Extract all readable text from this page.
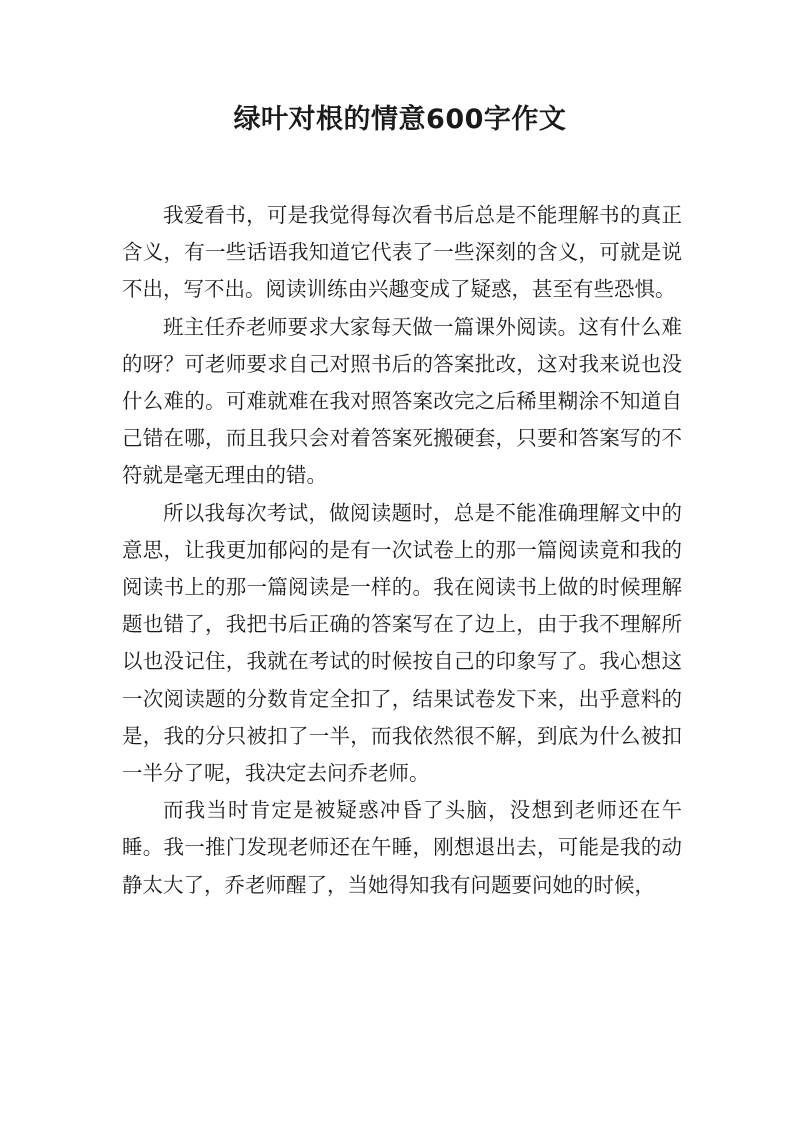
绿叶对根的情意600字作文

我爱看书，可是我觉得每次看书后总是不能理解书的真正含义，有一些话语我知道它代表了一些深刻的含义，可就是说不出，写不出。阅读训练由兴趣变成了疑惑，甚至有些恐惧。

班主任乔老师要求大家每天做一篇课外阅读。这有什么难的呀？可老师要求自己对照书后的答案批改，这对我来说也没什么难的。可难就难在我对照答案改完之后稀里糊涂不知道自己错在哪，而且我只会对着答案死搬硬套，只要和答案写的不符就是毫无理由的错。

所以我每次考试，做阅读题时，总是不能准确理解文中的意思，让我更加郁闷的是有一次试卷上的那一篇阅读竟和我的阅读书上的那一篇阅读是一样的。我在阅读书上做的时候理解题也错了，我把书后正确的答案写在了边上，由于我不理解所以也没记住，我就在考试的时候按自己的印象写了。我心想这一次阅读题的分数肯定全扣了，结果试卷发下来，出乎意料的是，我的分只被扣了一半，而我依然很不解，到底为什么被扣一半分了呢，我决定去问乔老师。

而我当时肯定是被疑惑冲昏了头脑，没想到老师还在午睡。我一推门发现老师还在午睡，刚想退出去，可能是我的动静太大了，乔老师醒了，当她得知我有问题要问她的时候，
